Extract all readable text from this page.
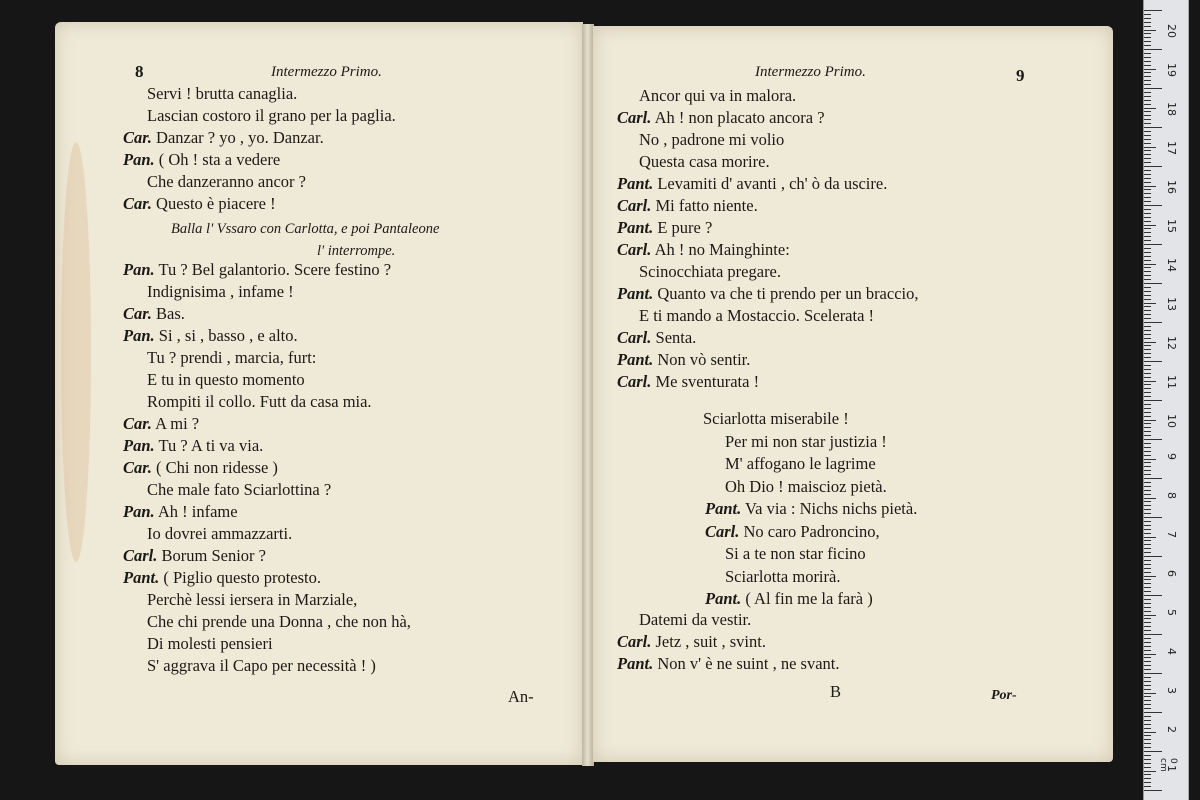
8	Intermezzo Primo.
Servi ! brutta canaglia.
Lascian costoro il grano per la paglia.
Car. Danzar ? yo , yo. Danzar.
Pan. ( Oh ! sta a vedere
Che danzeranno ancor ?
Car. Questo è piacere !
Pan. Tu ? Bel galantorio. Scere festino ?
Indignisima , infame !
Car. Bas.
Pan. Si , si , basso , e alto.
Tu ? prendi , marcia, furt:
E tu in questo momento
Rompiti il collo. Futt da casa mia.
Car. A mi ?
Pan. Tu ? A ti va via.
Car. ( Chi non ridesse )
Che male fato Sciarlottina ?
Pan. Ah ! infame
Io dovrei ammazzarti.
Carl. Borum Senior ?
Pant. ( Piglio questo protesto.
Perchè lessi iersera in Marziale,
Che chi prende una Donna , che non hà,
Di molesti pensieri
S' aggrava il Capo per necessità ! )
Balla l' Vssaro con Carlotta, e poi Pantaleone
l' interrompe.
An-
Intermezzo Primo.	9
Ancor qui va in malora.
Carl. Ah ! non placato ancora ?
No , padrone mi volio
Questa casa morire.
Pant. Levamiti d' avanti , ch' ò da uscire.
Carl. Mi fatto niente.
Pant. E pure ?
Carl. Ah ! no Mainghinte:
Scinocchiata pregare.
Pant. Quanto va che ti prendo per un braccio,
E ti mando a Mostaccio. Scelerata !
Carl. Senta.
Pant. Non vò sentir.
Carl. Me sventurata !
Sciarlotta miserabile !
Per mi non star justizia !
M' affogano le lagrime
Oh Dio ! maiscioz pietà.
Pant. Va via : Nichs nichs pietà.
Carl. No caro Padroncino,
Si a te non star ficino
Sciarlotta morirà.
Pant. ( Al fin me la farà )
Datemi da vestir.
Carl. Jetz , suit , svint.
Pant. Non v' è ne suint , ne svant.
B	Por-
20
19
18
17
16
15
14
13
12
11
10
9
8
7
6
5
4
3
2
1
0 cm
